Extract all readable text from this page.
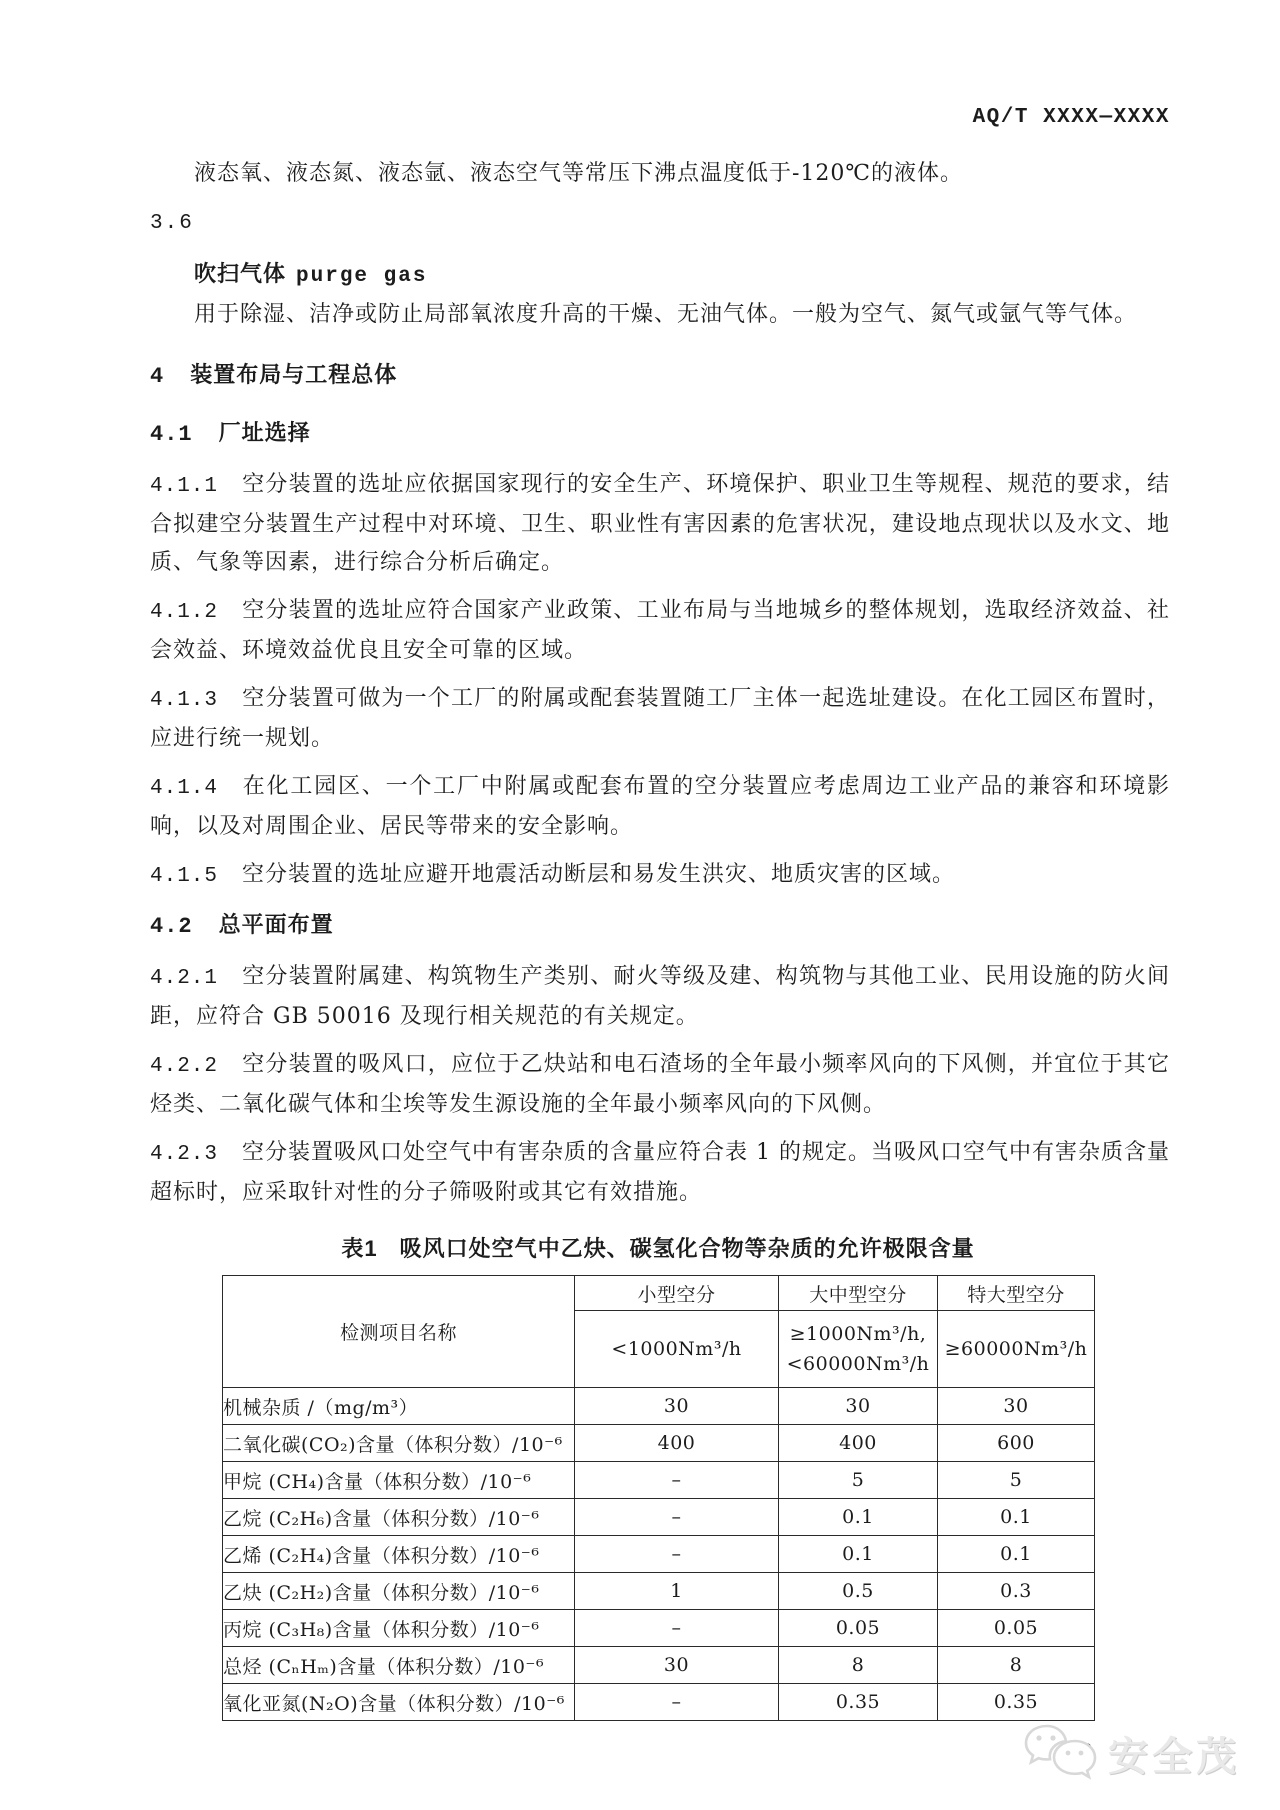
AQ/T XXXX—XXXX

液态氧、液态氮、液态氩、液态空气等常压下沸点温度低于-120℃的液体。

3.6

吹扫气体 purge gas

用于除湿、洁净或防止局部氧浓度升高的干燥、无油气体。一般为空气、氮气或氩气等气体。

4 装置布局与工程总体
4.1 厂址选择

4.1.1 空分装置的选址应依据国家现行的安全生产、环境保护、职业卫生等规程、规范的要求，结合拟建空分装置生产过程中对环境、卫生、职业性有害因素的危害状况，建设地点现状以及水文、地质、气象等因素，进行综合分析后确定。

4.1.2 空分装置的选址应符合国家产业政策、工业布局与当地城乡的整体规划，选取经济效益、社会效益、环境效益优良且安全可靠的区域。

4.1.3 空分装置可做为一个工厂的附属或配套装置随工厂主体一起选址建设。在化工园区布置时，应进行统一规划。

4.1.4 在化工园区、一个工厂中附属或配套布置的空分装置应考虑周边工业产品的兼容和环境影响，以及对周围企业、居民等带来的安全影响。

4.1.5 空分装置的选址应避开地震活动断层和易发生洪灾、地质灾害的区域。

4.2 总平面布置

4.2.1 空分装置附属建、构筑物生产类别、耐火等级及建、构筑物与其他工业、民用设施的防火间距，应符合 GB 50016 及现行相关规范的有关规定。

4.2.2 空分装置的吸风口，应位于乙炔站和电石渣场的全年最小频率风向的下风侧，并宜位于其它烃类、二氧化碳气体和尘埃等发生源设施的全年最小频率风向的下风侧。

4.2.3 空分装置吸风口处空气中有害杂质的含量应符合表 1 的规定。当吸风口空气中有害杂质含量超标时，应采取针对性的分子筛吸附或其它有效措施。

表1 吸风口处空气中乙炔、碳氢化合物等杂质的允许极限含量
检测项目名称	小型空分	大中型空分	特大型空分
	<1000Nm³/h	≥1000Nm³/h,
<60000Nm³/h	≥60000Nm³/h
机械杂质 /（mg/m³）	30	30	30
二氧化碳(CO₂)含量（体积分数）/10⁻⁶	400	400	600
甲烷 (CH₄)含量（体积分数）/10⁻⁶	–	5	5
乙烷 (C₂H₆)含量（体积分数）/10⁻⁶	–	0.1	0.1
乙烯 (C₂H₄)含量（体积分数）/10⁻⁶	–	0.1	0.1
乙炔 (C₂H₂)含量（体积分数）/10⁻⁶	1	0.5	0.3
丙烷 (C₃H₈)含量（体积分数）/10⁻⁶	–	0.05	0.05
总烃 (CₙHₘ)含量（体积分数）/10⁻⁶	30	8	8
氧化亚氮(N₂O)含量（体积分数）/10⁻⁶	–	0.35	0.35
安全茂
